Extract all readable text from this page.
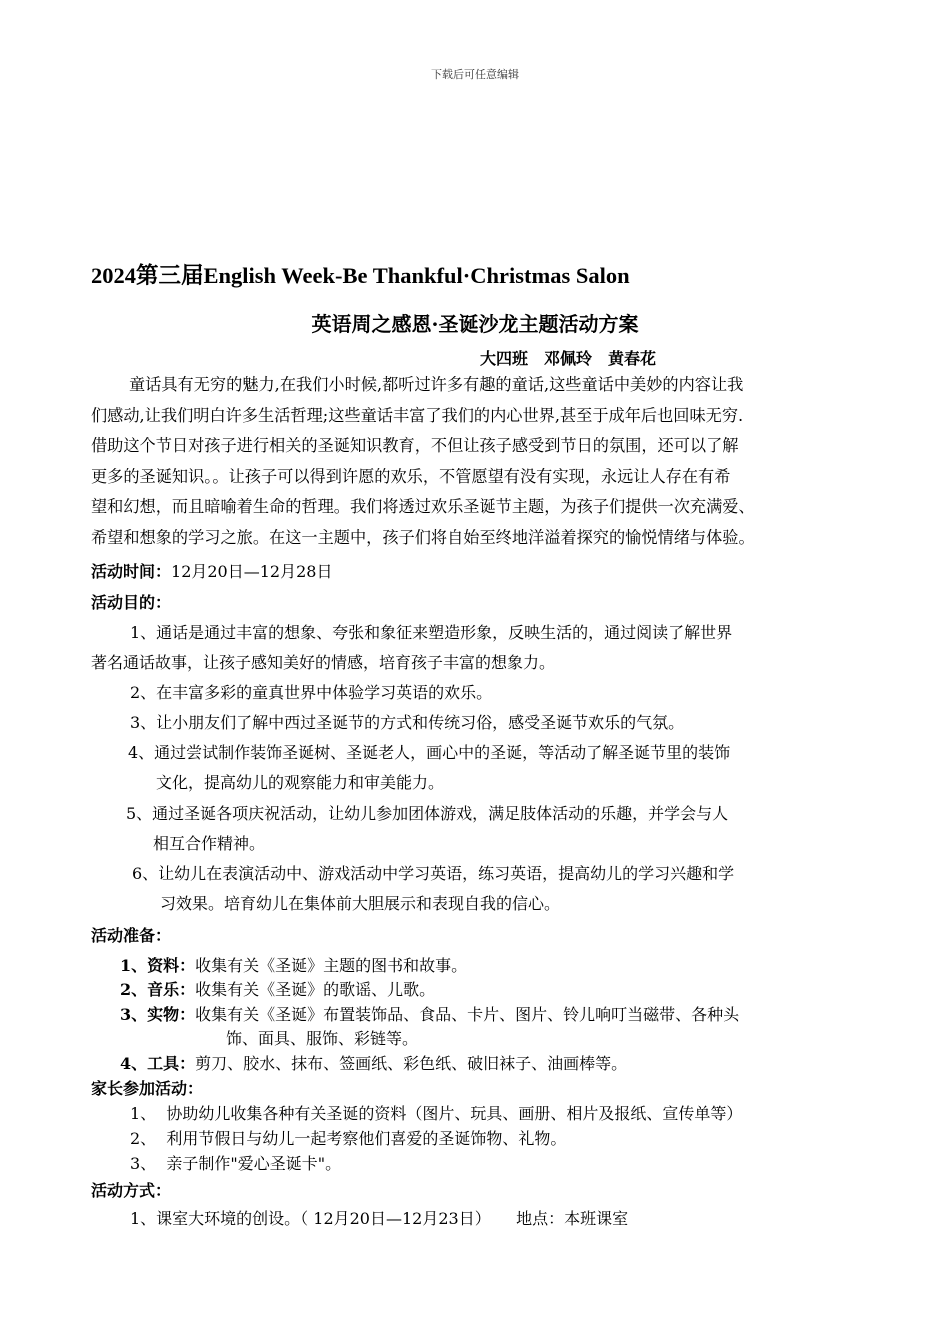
下载后可任意编辑
2024第三届English Week-Be Thankful·Christmas Salon
英语周之感恩·圣诞沙龙主题活动方案
大四班　邓佩玲　黄春花
童话具有无穷的魅力,在我们小时候,都听过许多有趣的童话,这些童话中美妙的内容让我
们感动,让我们明白许多生活哲理;这些童话丰富了我们的内心世界,甚至于成年后也回味无穷.
借助这个节日对孩子进行相关的圣诞知识教育，不但让孩子感受到节日的氛围，还可以了解
更多的圣诞知识。。让孩子可以得到许愿的欢乐，不管愿望有没有实现，永远让人存在有希
望和幻想，而且暗喻着生命的哲理。我们将透过欢乐圣诞节主题，为孩子们提供一次充满爱、
希望和想象的学习之旅。在这一主题中，孩子们将自始至终地洋溢着探究的愉悦情绪与体验。
活动时间：12月20日—12月28日
活动目的：
1、通话是通过丰富的想象、夸张和象征来塑造形象，反映生活的，通过阅读了解世界
著名通话故事，让孩子感知美好的情感，培育孩子丰富的想象力。
2、在丰富多彩的童真世界中体验学习英语的欢乐。
3、让小朋友们了解中西过圣诞节的方式和传统习俗，感受圣诞节欢乐的气氛。
4、通过尝试制作装饰圣诞树、圣诞老人，画心中的圣诞，等活动了解圣诞节里的装饰
文化，提高幼儿的观察能力和审美能力。
5、通过圣诞各项庆祝活动，让幼儿参加团体游戏，满足肢体活动的乐趣，并学会与人
相互合作精神。
6、让幼儿在表演活动中、游戏活动中学习英语，练习英语，提高幼儿的学习兴趣和学
习效果。培育幼儿在集体前大胆展示和表现自我的信心。
活动准备：
1、资料：收集有关《圣诞》主题的图书和故事。
2、音乐：收集有关《圣诞》的歌谣、儿歌。
3、实物：收集有关《圣诞》布置装饰品、食品、卡片、图片、铃儿响叮当磁带、各种头
饰、面具、服饰、彩链等。
4、工具：剪刀、胶水、抹布、签画纸、彩色纸、破旧袜子、油画棒等。
家长参加活动：
1、 协助幼儿收集各种有关圣诞的资料（图片、玩具、画册、相片及报纸、宣传单等）
2、 利用节假日与幼儿一起考察他们喜爱的圣诞饰物、礼物。
3、 亲子制作"爱心圣诞卡"。
活动方式：
1、课室大环境的创设。（ 12月20日—12月23日） 地点：本班课室
